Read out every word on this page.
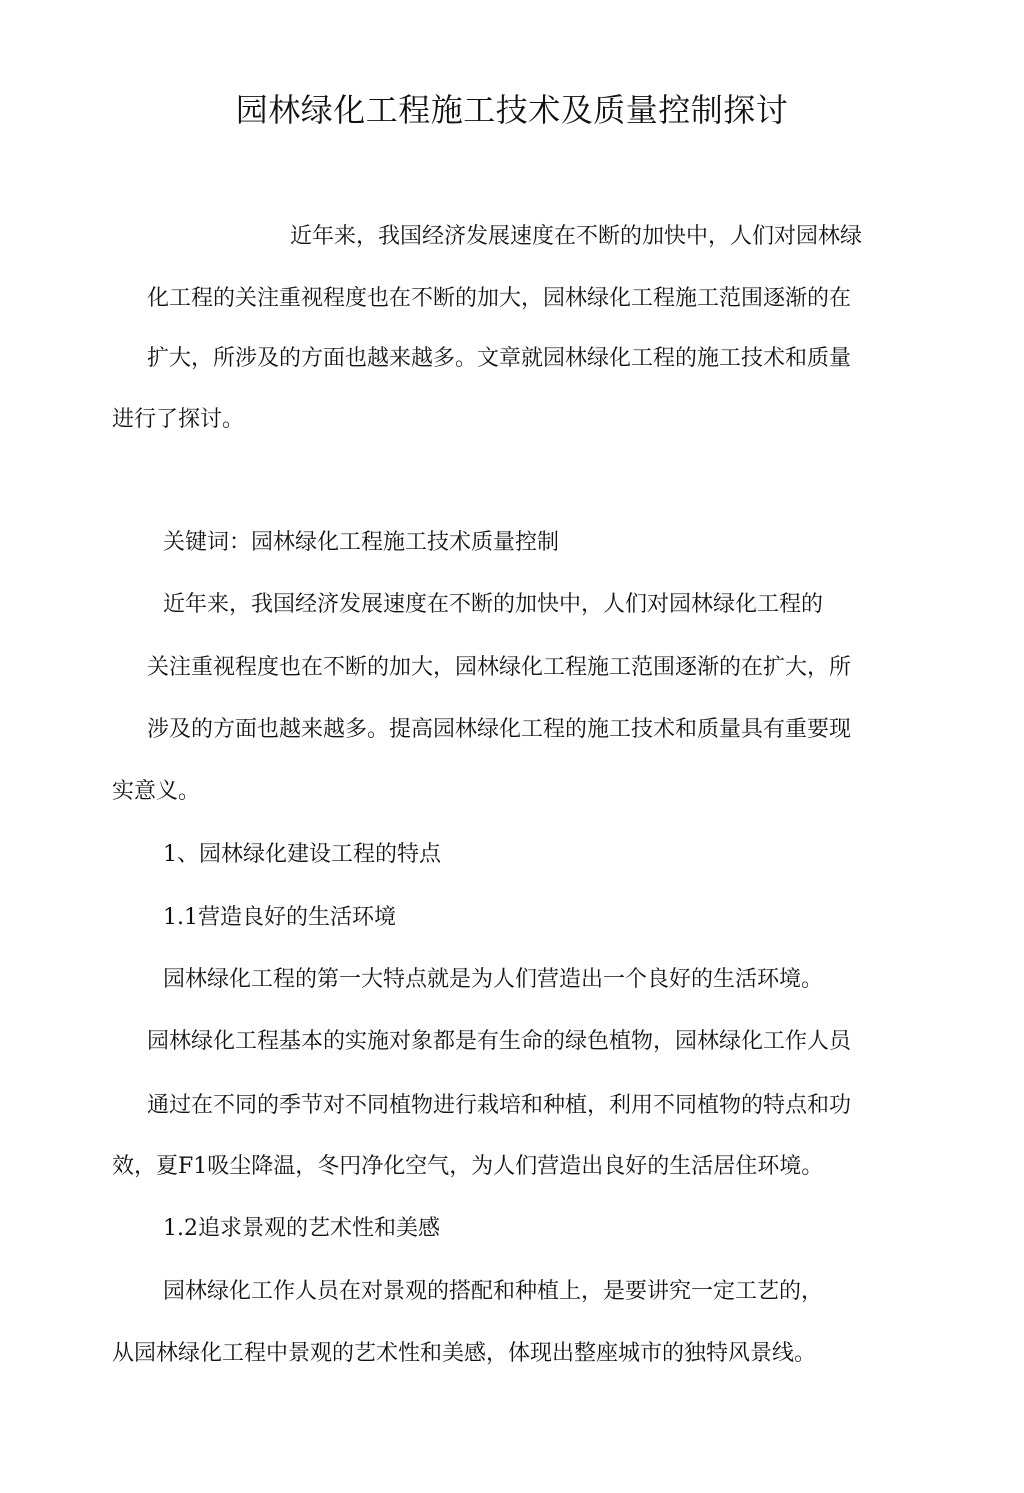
园林绿化工程施工技术及质量控制探讨
近年来，我国经济发展速度在不断的加快中，人们对园林绿
化工程的关注重视程度也在不断的加大，园林绿化工程施工范围逐渐的在
扩大，所涉及的方面也越来越多。文章就园林绿化工程的施工技术和质量
进行了探讨。
关键词：园林绿化工程施工技术质量控制
近年来，我国经济发展速度在不断的加快中，人们对园林绿化工程的
关注重视程度也在不断的加大，园林绿化工程施工范围逐渐的在扩大，所
涉及的方面也越来越多。提高园林绿化工程的施工技术和质量具有重要现
实意义。
1、园林绿化建设工程的特点
1.1营造良好的生活环境
园林绿化工程的第一大特点就是为人们营造出一个良好的生活环境。
园林绿化工程基本的实施对象都是有生命的绿色植物，园林绿化工作人员
通过在不同的季节对不同植物进行栽培和种植，利用不同植物的特点和功
效，夏F1吸尘降温，冬円净化空气，为人们营造出良好的生活居住环境。
1.2追求景观的艺术性和美感
园林绿化工作人员在对景观的搭配和种植上，是要讲究一定工艺的，
从园林绿化工程中景观的艺术性和美感，体现出整座城市的独特风景线。
